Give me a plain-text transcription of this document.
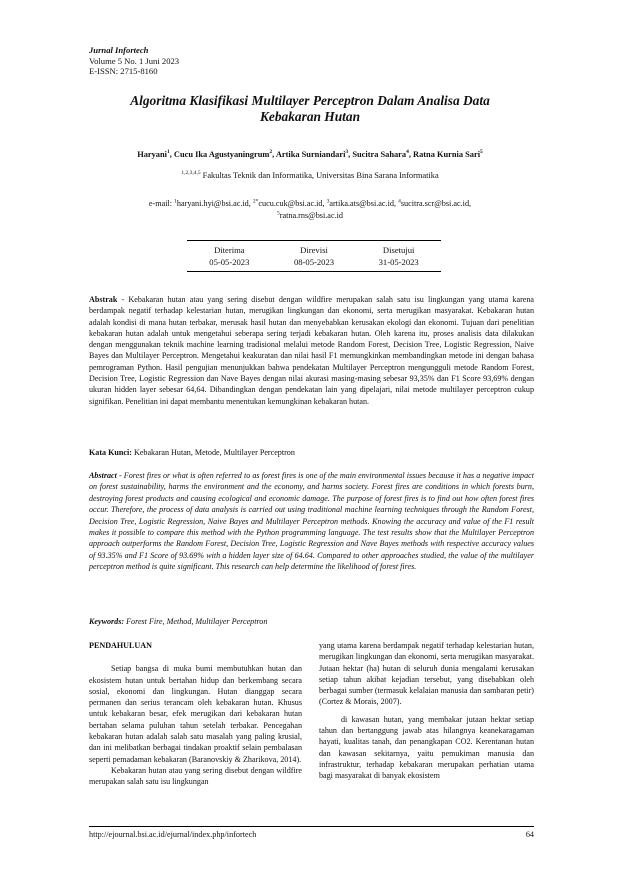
Jurnal Infortech
Volume 5 No. 1 Juni 2023
E-ISSN: 2715-8160
Algoritma Klasifikasi Multilayer Perceptron Dalam Analisa Data
Kebakaran Hutan
Haryani$^1$, Cucu Ika Agustyaningrum$^2$, Artika Surniandari$^3$, Sucitra Sahara$^4$, Ratna Kurnia Sari$^5$
$^{1,2,3,4,5}$ Fakultas Teknik dan Informatika, Universitas Bina Sarana Informatika
e-mail: $^1$haryani.hyi@bsi.ac.id, $^{2*}$cucu.cuk@bsi.ac.id, $^3$artika.ats@bsi.ac.id, $^4$sucitra.scr@bsi.ac.id,
$^5$ratna.rns@bsi.ac.id
Diterima
05-05-2023
Direvisi
08-05-2023
Disetujui
31-05-2023
Abstrak - Kebakaran hutan atau yang sering disebut dengan wildfire merupakan salah satu isu lingkungan yang utama karena berdampak negatif terhadap kelestarian hutan, merugikan lingkungan dan ekonomi, serta merugikan masyarakat. Kebakaran hutan adalah kondisi di mana hutan terbakar, merusak hasil hutan dan menyebabkan kerusakan ekologi dan ekonomi. Tujuan dari penelitian kebakaran hutan adalah untuk mengetahui seberapa sering terjadi kebakaran hutan. Oleh karena itu, proses analisis data dilakukan dengan menggunakan teknik machine learning tradisional melalui metode Random Forest, Decision Tree, Logistic Regression, Naive Bayes dan Multilayer Perceptron. Mengetahui keakuratan dan nilai hasil F1 memungkinkan membandingkan metode ini dengan bahasa pemrograman Python. Hasil pengujian menunjukkan bahwa pendekatan Multilayer Perceptron mengungguli metode Random Forest, Decision Tree, Logistic Regression dan Nave Bayes dengan nilai akurasi masing-masing sebesar 93,35% dan F1 Score 93,69% dengan ukuran hidden layer sebesar 64,64. Dibandingkan dengan pendekatan lain yang dipelajari, nilai metode multilayer perceptron cukup signifikan. Penelitian ini dapat membantu menentukan kemungkinan kebakaran hutan.
Kata Kunci: Kebakaran Hutan, Metode, Multilayer Perceptron
Abstract - Forest fires or what is often referred to as forest fires is one of the main environmental issues because it has a negative impact on forest sustainability, harms the environment and the economy, and harms society. Forest fires are conditions in which forests burn, destroying forest products and causing ecological and economic damage. The purpose of forest fires is to find out how often forest fires occur. Therefore, the process of data analysis is carried out using traditional machine learning techniques through the Random Forest, Decision Tree, Logistic Regression, Naive Bayes and Multilayer Perceptron methods. Knowing the accuracy and value of the F1 result makes it possible to compare this method with the Python programming language. The test results show that the Multilayer Perceptron approach outperforms the Random Forest, Decision Tree, Logistic Regression and Nave Bayes methods with respective accuracy values of 93.35% and F1 Score of 93.69% with a hidden layer size of 64.64. Compared to other approaches studied, the value of the multilayer perceptron method is quite significant. This research can help determine the likelihood of forest fires.
Keywords: Forest Fire, Method, Multilayer Perceptron
PENDAHULUAN

Setiap bangsa di muka bumi membutuhkan hutan dan ekosistem hutan untuk bertahan hidup dan berkembang secara sosial, ekonomi dan lingkungan. Hutan dianggap secara permanen dan serius terancam oleh kebakaran hutan. Khusus untuk kebakaran besar, efek merugikan dari kebakaran hutan bertahan selama puluhan tahun setelah terbakar. Pencegahan kebakaran hutan adalah salah satu masalah yang paling krusial, dan ini melibatkan berbagai tindakan proaktif selain pembalasan seperti pemadaman kebakaran (Baranovskiy & Zharikova, 2014).

Kebakaran hutan atau yang sering disebut dengan wildfire merupakan salah satu isu lingkungan

yang utama karena berdampak negatif terhadap kelestarian hutan, merugikan lingkungan dan ekonomi, serta merugikan masyarakat. Jutaan hektar (ha) hutan di seluruh dunia mengalami kerusakan setiap tahun akibat kejadian tersebut, yang disebabkan oleh berbagai sumber (termasuk kelalaian manusia dan sambaran petir) (Cortez & Morais, 2007).

di kawasan hutan, yang membakar jutaan hektar setiap tahun dan bertanggung jawab atas hilangnya keanekaragaman hayati, kualitas tanah, dan penangkapan CO2. Kerentanan hutan dan kawasan sekitarnya, yaitu pemukiman manusia dan infrastruktur, terhadap kebakaran merupakan perhatian utama bagi masyarakat di banyak ekosistem

http://ejournal.bsi.ac.id/ejurnal/index.php/infortech	64
